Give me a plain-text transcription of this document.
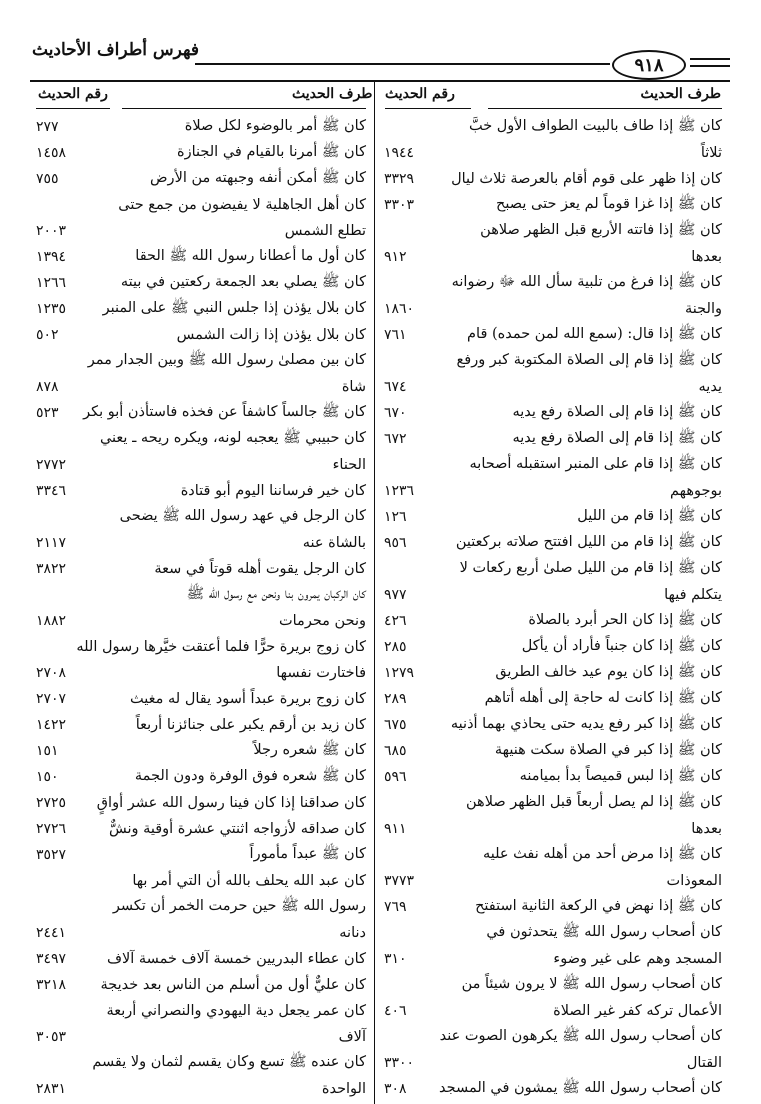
فهرس أطراف الأحاديث
٩١٨
طرف الحديث
رقم الحديث
طرف الحديث
رقم الحديث
كان ﷺ إذا طاف بالبيت الطواف الأول خبَّ
ثلاثاً
١٩٤٤
كان إذا ظهر على قوم أقام بالعرصة ثلاث ليال
٣٣٢٩
كان ﷺ إذا غزا قوماً لم يعز حتى يصبح
٣٣٠٣
كان ﷺ إذا فاتته الأربع قبل الظهر صلاهن
بعدها
٩١٢
كان ﷺ إذا فرغ من تلبية سأل الله ﷻ رضوانه
والجنة
١٨٦٠
كان ﷺ إذا قال: (سمع الله لمن حمده) قام
٧٦١
كان ﷺ إذا قام إلى الصلاة المكتوبة كبر ورفع
يديه
٦٧٤
كان ﷺ إذا قام إلى الصلاة رفع يديه
٦٧٠
كان ﷺ إذا قام إلى الصلاة رفع يديه
٦٧٢
كان ﷺ إذا قام على المنبر استقبله أصحابه
بوجوههم
١٢٣٦
كان ﷺ إذا قام من الليل
١٢٦
كان ﷺ إذا قام من الليل افتتح صلاته بركعتين
٩٥٦
كان ﷺ إذا قام من الليل صلىٰ أربع ركعات لا
يتكلم فيها
٩٧٧
كان ﷺ إذا كان الحر أبرد بالصلاة
٤٢٦
كان ﷺ إذا كان جنباً فأراد أن يأكل
٢٨٥
كان ﷺ إذا كان يوم عيد خالف الطريق
١٢٧٩
كان ﷺ إذا كانت له حاجة إلى أهله أتاهم
٢٨٩
كان ﷺ إذا كبر رفع يديه حتى يحاذي بهما أذنيه
٦٧٥
كان ﷺ إذا كبر في الصلاة سكت هنيهة
٦٨٥
كان ﷺ إذا لبس قميصاً بدأ بميامنه
٥٩٦
كان ﷺ إذا لم يصل أربعاً قبل الظهر صلاهن
بعدها
٩١١
كان ﷺ إذا مرض أحد من أهله نفث عليه
المعوذات
٣٧٧٣
كان ﷺ إذا نهض في الركعة الثانية استفتح
٧٦٩
كان أصحاب رسول الله ﷺ يتحدثون في
المسجد وهم على غير وضوء
٣١٠
كان أصحاب رسول الله ﷺ لا يرون شيئاً من
الأعمال تركه كفر غير الصلاة
٤٠٦
كان أصحاب رسول الله ﷺ يكرهون الصوت عند
القتال
٣٣٠٠
كان أصحاب رسول الله ﷺ يمشون في المسجد
٣٠٨
كان ﷺ أمر بالوضوء لكل صلاة
٢٧٧
كان ﷺ أمرنا بالقيام في الجنازة
١٤٥٨
كان ﷺ أمكن أنفه وجبهته من الأرض
٧٥٥
كان أهل الجاهلية لا يفيضون من جمع حتى
تطلع الشمس
٢٠٠٣
كان أول ما أعطانا رسول الله ﷺ الحقا
١٣٩٤
كان ﷺ يصلي بعد الجمعة ركعتين في بيته
١٢٦٦
كان بلال يؤذن إذا جلس النبي ﷺ على المنبر
١٢٣٥
كان بلال يؤذن إذا زالت الشمس
٥٠٢
كان بين مصلىٰ رسول الله ﷺ وبين الجدار ممر
شاة
٨٧٨
كان ﷺ جالساً كاشفاً عن فخذه فاستأذن أبو بكر
٥٢٣
كان حبيبي ﷺ يعجبه لونه، ويكره ريحه ـ يعني
الحناء
٢٧٧٢
كان خير فرساننا اليوم أبو قتادة
٣٣٤٦
كان الرجل في عهد رسول الله ﷺ يضحى
بالشاة عنه
٢١١٧
كان الرجل يقوت أهله قوتاً في سعة
٣٨٢٢
كان الركبان يمرون بنا ونحن مع رسول الله ﷺ
ونحن محرمات
١٨٨٢
كان زوج بريرة حرًّا فلما أعتقت خيَّرها رسول الله
فاختارت نفسها
٢٧٠٨
كان زوج بريرة عبداً أسود يقال له مغيث
٢٧٠٧
كان زيد بن أرقم يكبر على جنائزنا أربعاً
١٤٢٢
كان ﷺ شعره رجلاً
١٥١
كان ﷺ شعره فوق الوفرة ودون الجمة
١٥٠
كان صداقنا إذا كان فينا رسول الله عشر أواقٍ
٢٧٢٥
كان صداقه لأزواجه اثنتي عشرة أوقية ونشٌّ
٢٧٢٦
كان ﷺ عبداً مأموراً
٣٥٢٧
كان عبد الله يحلف بالله أن التي أمر بها
رسول الله ﷺ حين حرمت الخمر أن تكسر
دنانه
٢٤٤١
كان عطاء البدريين خمسة آلاف خمسة آلاف
٣٤٩٧
كان عليٌّ أول من أسلم من الناس بعد خديجة
٣٢١٨
كان عمر يجعل دية اليهودي والنصراني أربعة
آلاف
٣٠٥٣
كان عنده ﷺ تسع وكان يقسم لثمان ولا يقسم
الواحدة
٢٨٣١
